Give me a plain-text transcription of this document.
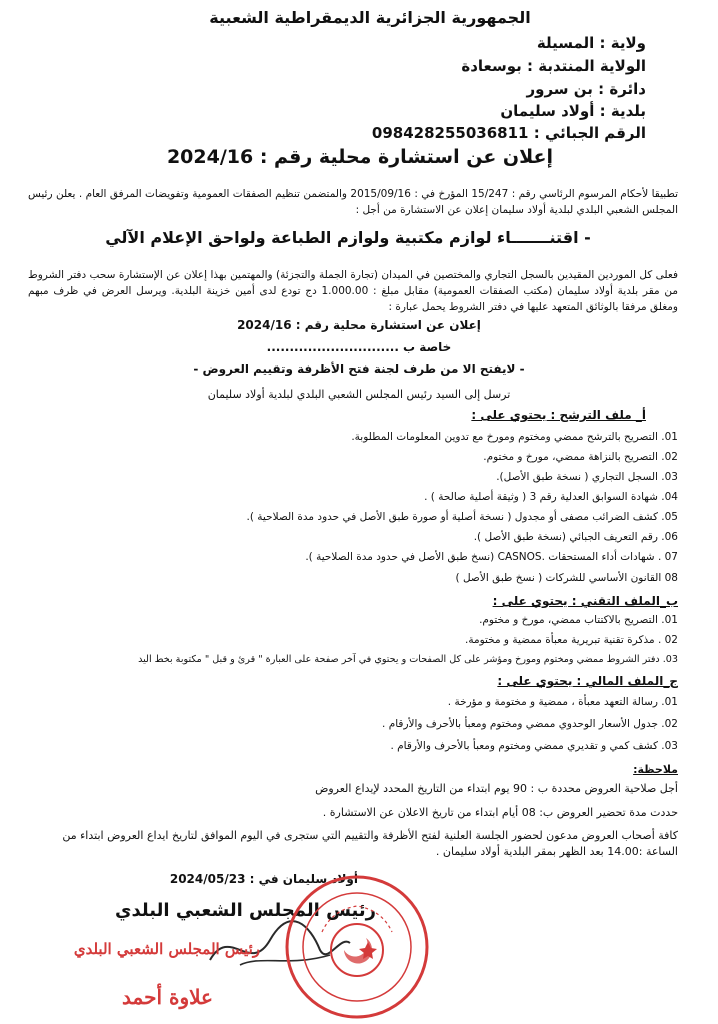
الجمهورية الجزائرية الديمقراطية الشعبية
ولاية : المسيلة
الولاية المنتدبة : بوسعادة
دائرة : بن سرور
بلدية : أولاد سليمان
الرقم الجبائي : 098428255036811
إعلان عن استشارة محلية رقم : 2024/16
تطبيقا لأحكام المرسوم الرئاسي رقم : 15/247 المؤرخ في : 2015/09/16 والمتضمن تنظيم الصفقات العمومية وتفويضات المرفق العام . يعلن رئيس المجلس الشعبي البلدي لبلدية أولاد سليمان إعلان عن الاستشارة من أجل :
- اقتنـــــــاء لوازم مكتبية ولوازم الطباعة ولواحق الإعلام الآلي
فعلى كل الموردين المقيدين بالسجل التجاري والمختصين في الميدان (تجارة الجملة والتجزئة) والمهتمين بهذا إعلان عن الإستشارة سحب دفتر الشروط من مقر بلدية أولاد سليمان (مكتب الصفقات العمومية) مقابل مبلغ : 1.000.00 دج تودع لدى أمين خزينة البلدية. ويرسل العرض في ظرف مبهم ومغلق مرفقا بالوثائق المتعهد عليها في دفتر الشروط يحمل عبارة :
إعلان عن استشارة محلية رقم : 2024/16
خاصة ب .............................
- لايفتح الا من طرف لجنة فتح الأظرفة وتقييم العروض -
ترسل إلى السيد رئيس المجلس الشعبي البلدي لبلدية أولاد سليمان
أ_ ملف الترشح : يحتوي على :
01. التصريح بالترشح ممضي ومختوم ومورخ مع تدوين المعلومات المطلوبة.
02. التصريح بالنزاهة ممضي، مورخ و مختوم.
03. السجل التجاري ( نسخة طبق الأصل).
04. شهادة السوابق العدلية رقم 3 ( وثيقة أصلية صالحة ) .
05. كشف الضرائب مصفى أو مجدول ( نسخة أصلية أو صورة طبق الأصل في حدود مدة الصلاحية ).
06. رقم التعريف الجبائي (نسخة طبق الأصل ).
07 . شهادات أداء المستحقات .CASNOS (نسخ طبق الأصل في حدود مدة الصلاحية ).
08 القانون الأساسي للشركات ( نسخ طبق الأصل )
ب_الملف التقني : يحتوي على :
01. التصريح بالاكتتاب ممضي، مورخ و مختوم.
02 . مذكرة تقنية تبريرية معبأة ممضية و مختومة.
03. دفتر الشروط ممضي ومختوم ومورخ ومؤشر على كل الصفحات و يحتوي في آخر صفحة على العبارة " قرئ و قبل " مكتوبة بخط اليد
ج_الملف المالي : يحتوي على :
01. رسالة التعهد معبأة ، ممضية و مختومة و مؤرخة .
02. جدول الأسعار الوحدوي ممضي ومختوم ومعبأ بالأحرف والأرقام .
03. كشف كمي و تقديري ممضي ومختوم ومعبأ بالأحرف والأرقام .
ملاحظة:
أجل صلاحية العروض محددة ب : 90 يوم ابتداء من التاريخ المحدد لإيداع العروض
حددت مدة تحضير العروض ب: 08 أيام ابتداء من تاريخ الاعلان عن الاستشارة .
كافة أصحاب العروض مدعون لحضور الجلسة العلنية لفتح الأظرفة والتقييم التي ستجرى في اليوم الموافق لتاريخ ايداع العروض ابتداء من الساعة :14.00 بعد الظهر بمقر البلدية أولاد سليمان .
أولاد سليمان في : 2024/05/23
رئيس المجلس الشعبي البلدي
رئيس المجلس الشعبي البلدي
علاوة أحمد
